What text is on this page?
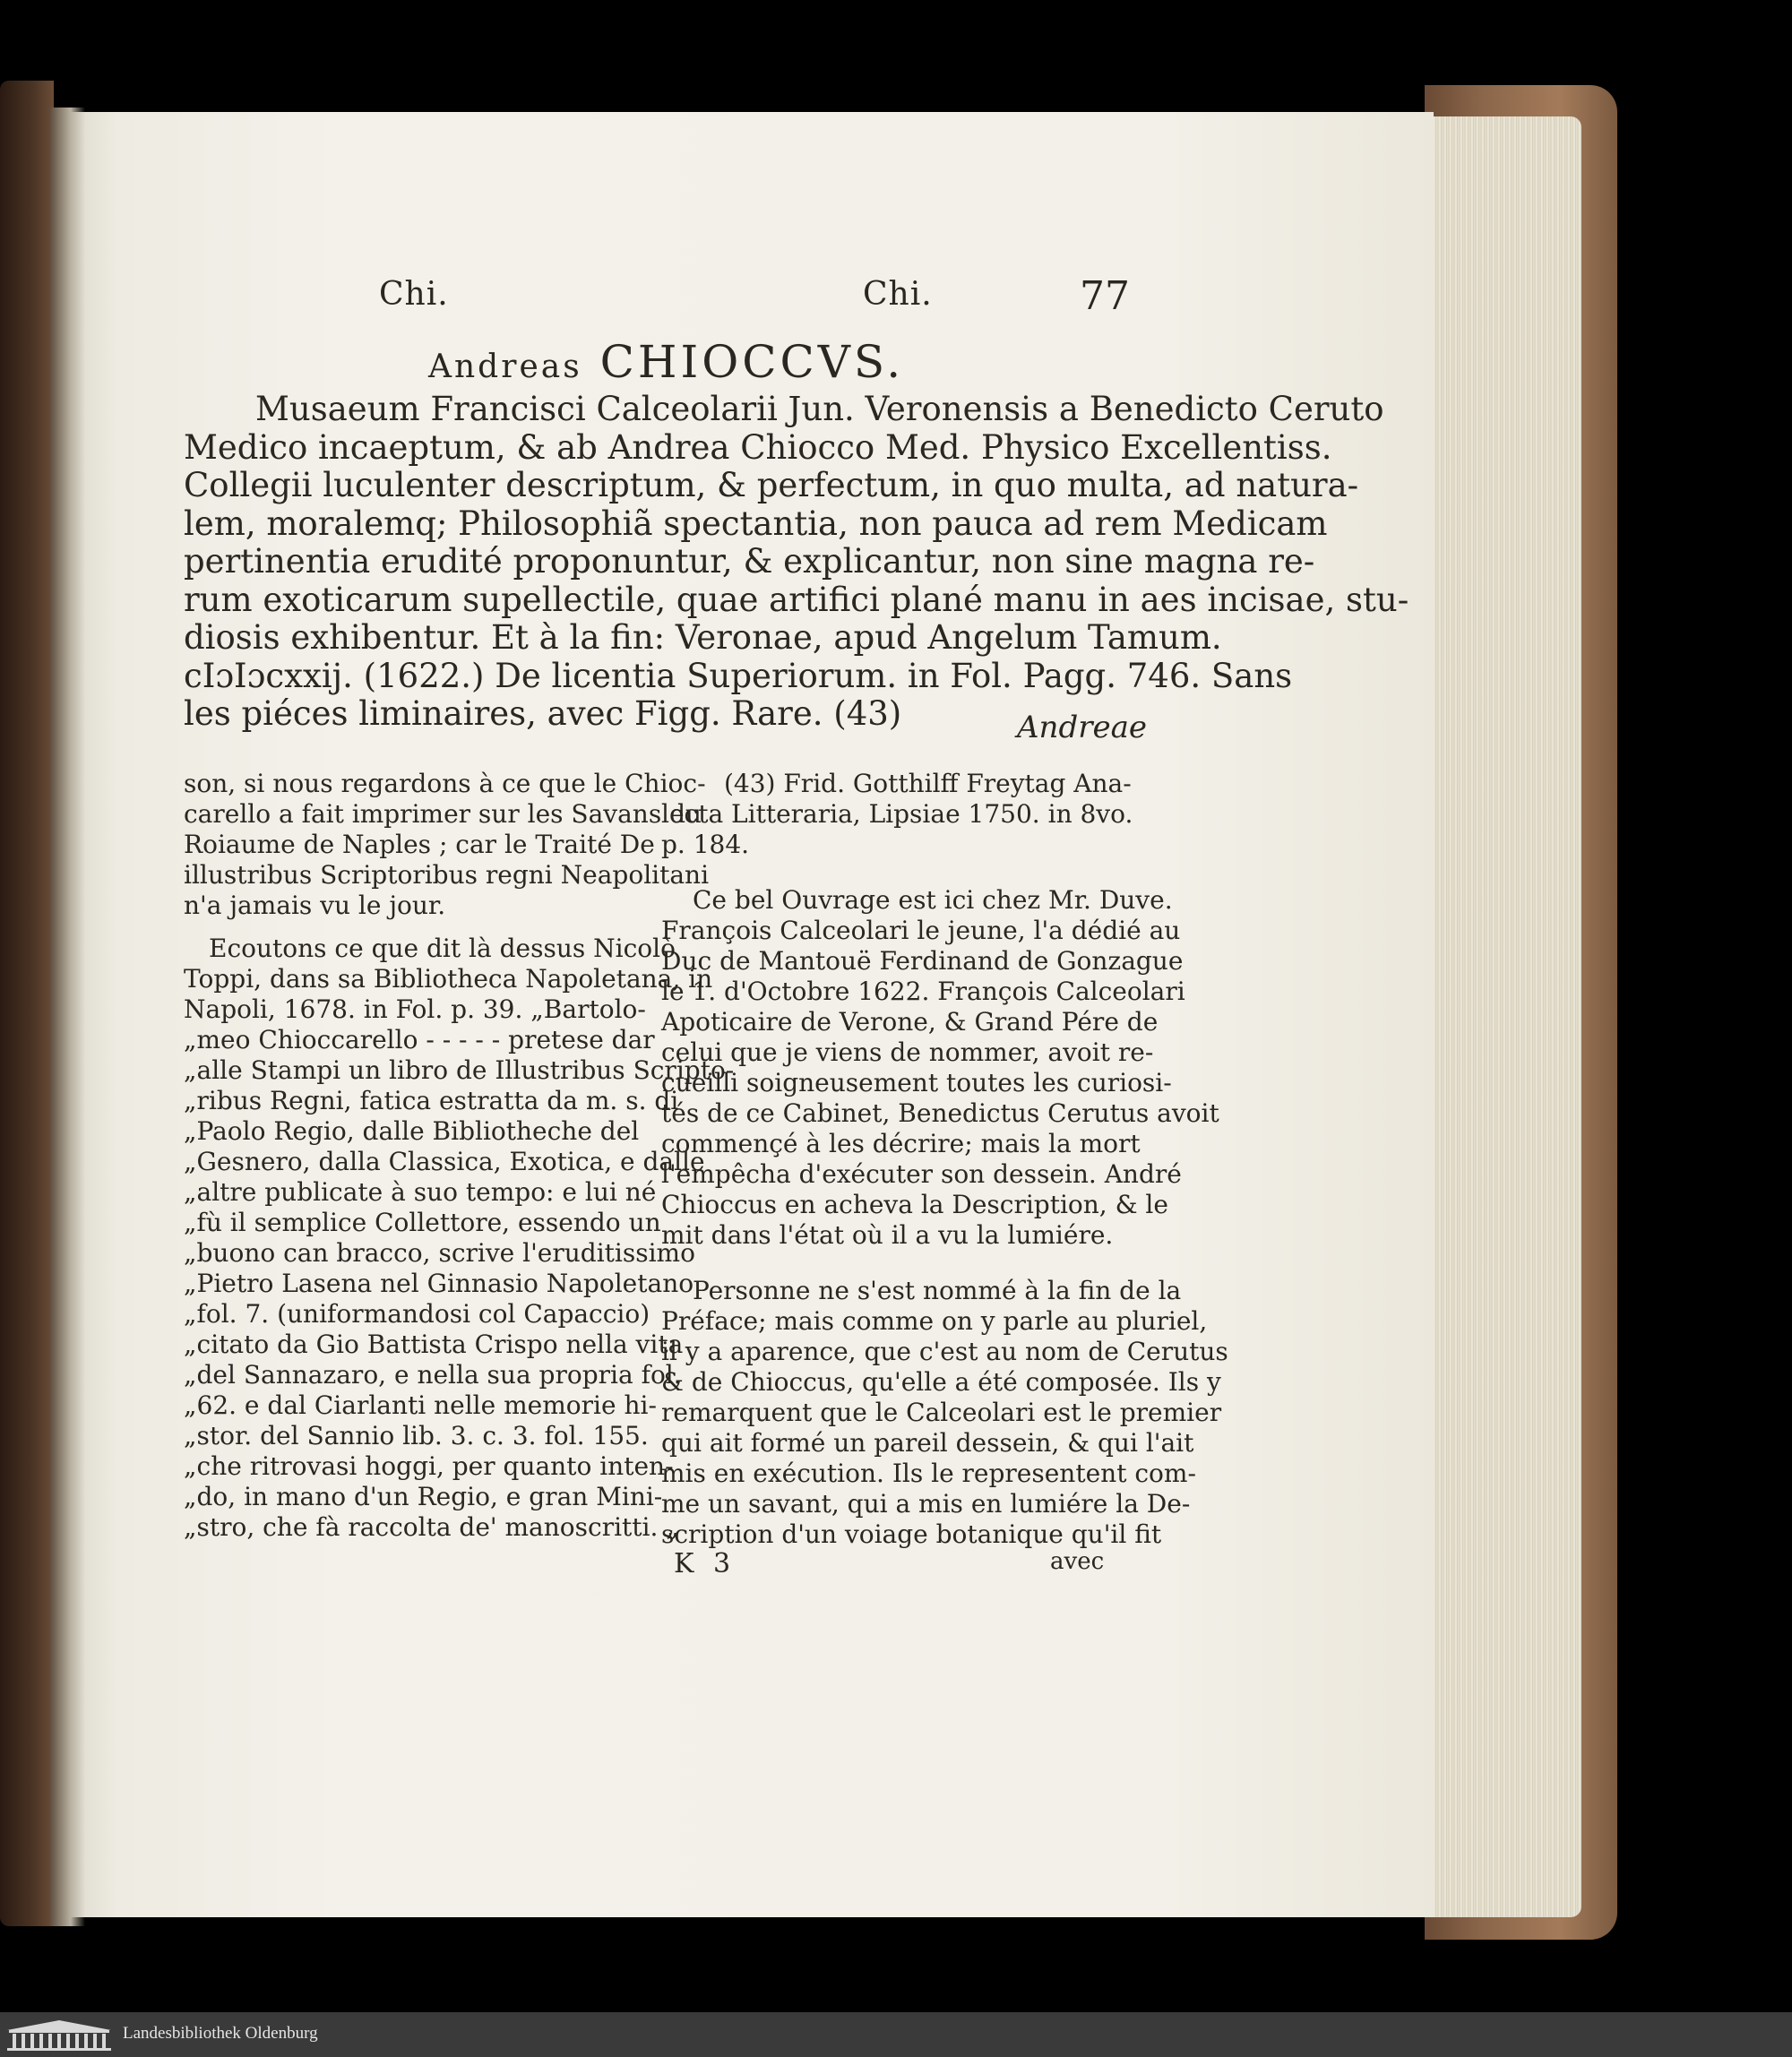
Chi.	Chi.	77
Andreas CHIOCCVS.
Musaeum Francisci Calceolarii Jun. Veronensis a Benedicto Ceruto
Medico incaeptum, & ab Andrea Chiocco Med. Physico Excellentiss.
Collegii luculenter descriptum, & perfectum, in quo multa, ad natura-
lem, moralemq; Philosophiã spectantia, non pauca ad rem Medicam
pertinentia erudité proponuntur, & explicantur, non sine magna re-
rum exoticarum supellectile, quae artifici plané manu in aes incisae, stu-
diosis exhibentur. Et à la fin: Veronae, apud Angelum Tamum.
cIɔIɔcxxij. (1622.) De licentia Superiorum. in Fol. Pagg. 746. Sans
les piéces liminaires, avec Figg. Rare. (43)	Andreae
son, si nous regardons à ce que le Chioc-
carello a fait imprimer sur les Savans du
Roiaume de Naples ; car le Traité De
illustribus Scriptoribus regni Neapolitani
n'a jamais vu le jour.
Ecoutons ce que dit là dessus Nicolò
Toppi, dans sa Bibliotheca Napoletana, in
Napoli, 1678. in Fol. p. 39. „Bartolo-
„meo Chioccarello - - - - - pretese dar
„alle Stampi un libro de Illustribus Scripto-
„ribus Regni, fatica estratta da m. s. di
„Paolo Regio, dalle Bibliotheche del
„Gesnero, dalla Classica, Exotica, e dalle
„altre publicate à suo tempo: e lui né
„fù il semplice Collettore, essendo un
„buono can bracco, scrive l'eruditissimo
„Pietro Lasena nel Ginnasio Napoletano
„fol. 7. (uniformandosi col Capaccio)
„citato da Gio Battista Crispo nella vita
„del Sannazaro, e nella sua propria fol.
„62. e dal Ciarlanti nelle memorie hi-
„stor. del Sannio lib. 3. c. 3. fol. 155.
„che ritrovasi hoggi, per quanto inten-
„do, in mano d'un Regio, e gran Mini-
„stro, che fà raccolta de' manoscritti. „
(43) Frid. Gotthilff Freytag Ana-
lecta Litteraria, Lipsiae 1750. in 8vo.
p. 184.
Ce bel Ouvrage est ici chez Mr. Duve.
François Calceolari le jeune, l'a dédié au
Duc de Mantouë Ferdinand de Gonzague
le 1. d'Octobre 1622. François Calceolari
Apoticaire de Verone, & Grand Pére de
celui que je viens de nommer, avoit re-
cueilli soigneusement toutes les curiosi-
tés de ce Cabinet, Benedictus Cerutus avoit
commençé à les décrire; mais la mort
l'empêcha d'exécuter son dessein. André
Chioccus en acheva la Description, & le
mit dans l'état où il a vu la lumiére.
Personne ne s'est nommé à la fin de la
Préface; mais comme on y parle au pluriel,
il y a aparence, que c'est au nom de Cerutus
& de Chioccus, qu'elle a été composée. Ils y
remarquent que le Calceolari est le premier
qui ait formé un pareil dessein, & qui l'ait
mis en exécution. Ils le representent com-
me un savant, qui a mis en lumiére la De-
scription d'un voiage botanique qu'il fit
K 3	avec
Landesbibliothek Oldenburg
